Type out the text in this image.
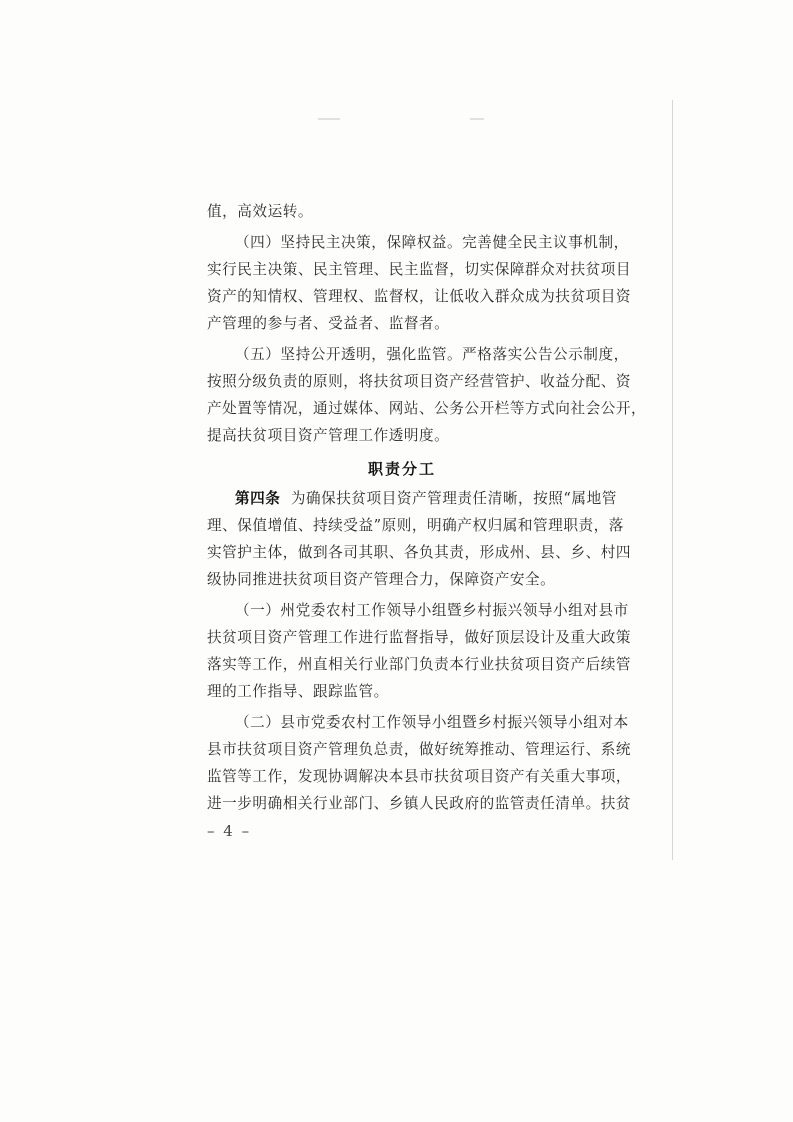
值，高效运转。
（四）坚持民主决策，保障权益。完善健全民主议事机制，
实行民主决策、民主管理、民主监督，切实保障群众对扶贫项目
资产的知情权、管理权、监督权，让低收入群众成为扶贫项目资
产管理的参与者、受益者、监督者。
（五）坚持公开透明，强化监管。严格落实公告公示制度，
按照分级负责的原则，将扶贫项目资产经营管护、收益分配、资
产处置等情况，通过媒体、网站、公务公开栏等方式向社会公开，
提高扶贫项目资产管理工作透明度。
职责分工
第四条 为确保扶贫项目资产管理责任清晰，按照“属地管
理、保值增值、持续受益”原则，明确产权归属和管理职责，落
实管护主体，做到各司其职、各负其责，形成州、县、乡、村四
级协同推进扶贫项目资产管理合力，保障资产安全。
（一）州党委农村工作领导小组暨乡村振兴领导小组对县市
扶贫项目资产管理工作进行监督指导，做好顶层设计及重大政策
落实等工作，州直相关行业部门负责本行业扶贫项目资产后续管
理的工作指导、跟踪监管。
（二）县市党委农村工作领导小组暨乡村振兴领导小组对本
县市扶贫项目资产管理负总责，做好统筹推动、管理运行、系统
监管等工作，发现协调解决本县市扶贫项目资产有关重大事项，
进一步明确相关行业部门、乡镇人民政府的监管责任清单。扶贫
– 4 –
